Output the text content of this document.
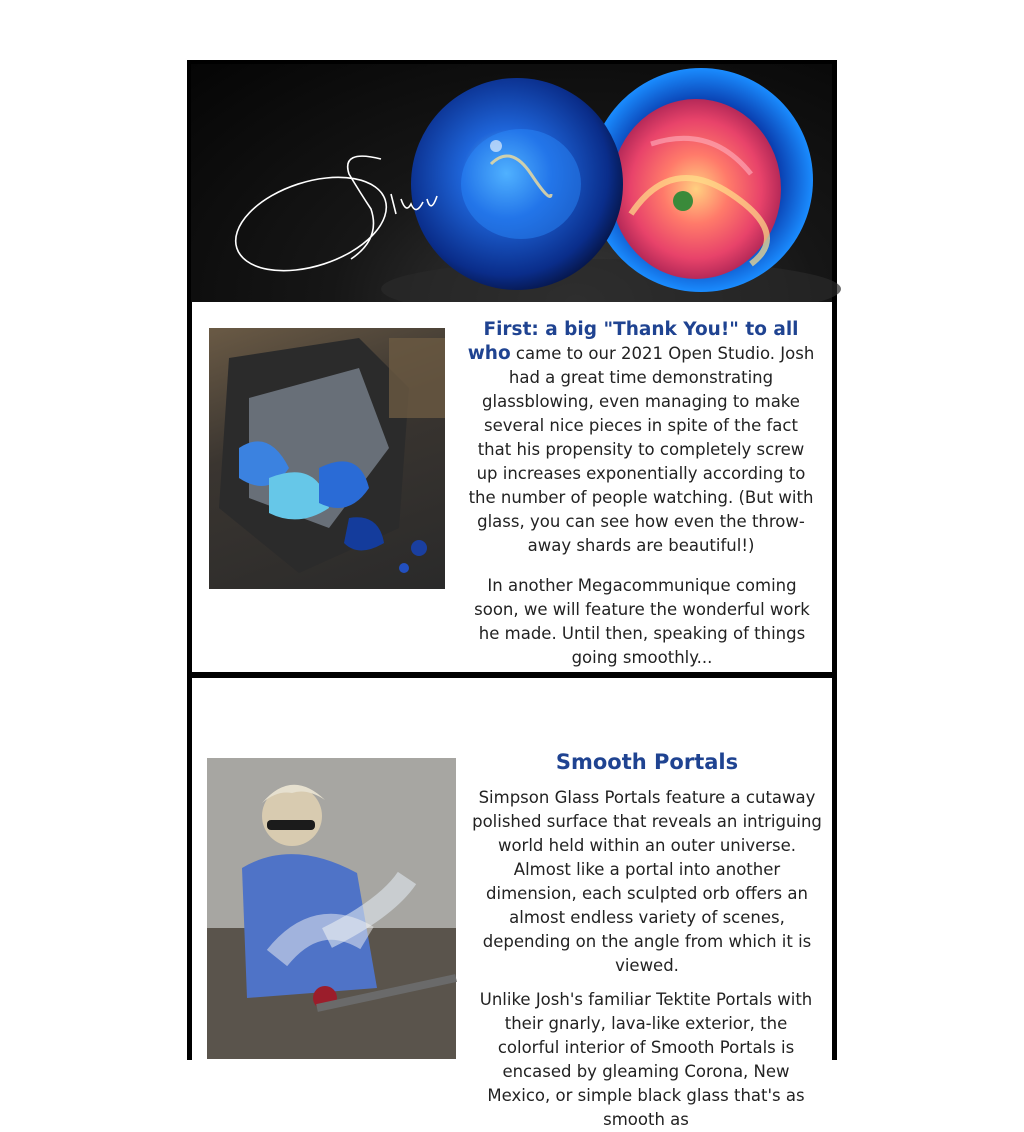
First: a big "Thank You!" to all who came to our 2021 Open Studio. Josh had a great time demonstrating glassblowing, even managing to make several nice pieces in spite of the fact that his propensity to completely screw up increases exponentially according to the number of people watching. (But with glass, you can see how even the throw-away shards are beautiful!)

In another Megacommunique coming soon, we will feature the wonderful work he made. Until then, speaking of things going smoothly...

Smooth Portals

Simpson Glass Portals feature a cutaway polished surface that reveals an intriguing world held within an outer universe. Almost like a portal into another dimension, each sculpted orb offers an almost endless variety of scenes, depending on the angle from which it is viewed.

Unlike Josh's familiar Tektite Portals with their gnarly, lava-like exterior, the colorful interior of Smooth Portals is encased by gleaming Corona, New Mexico, or simple black glass that's as smooth as
